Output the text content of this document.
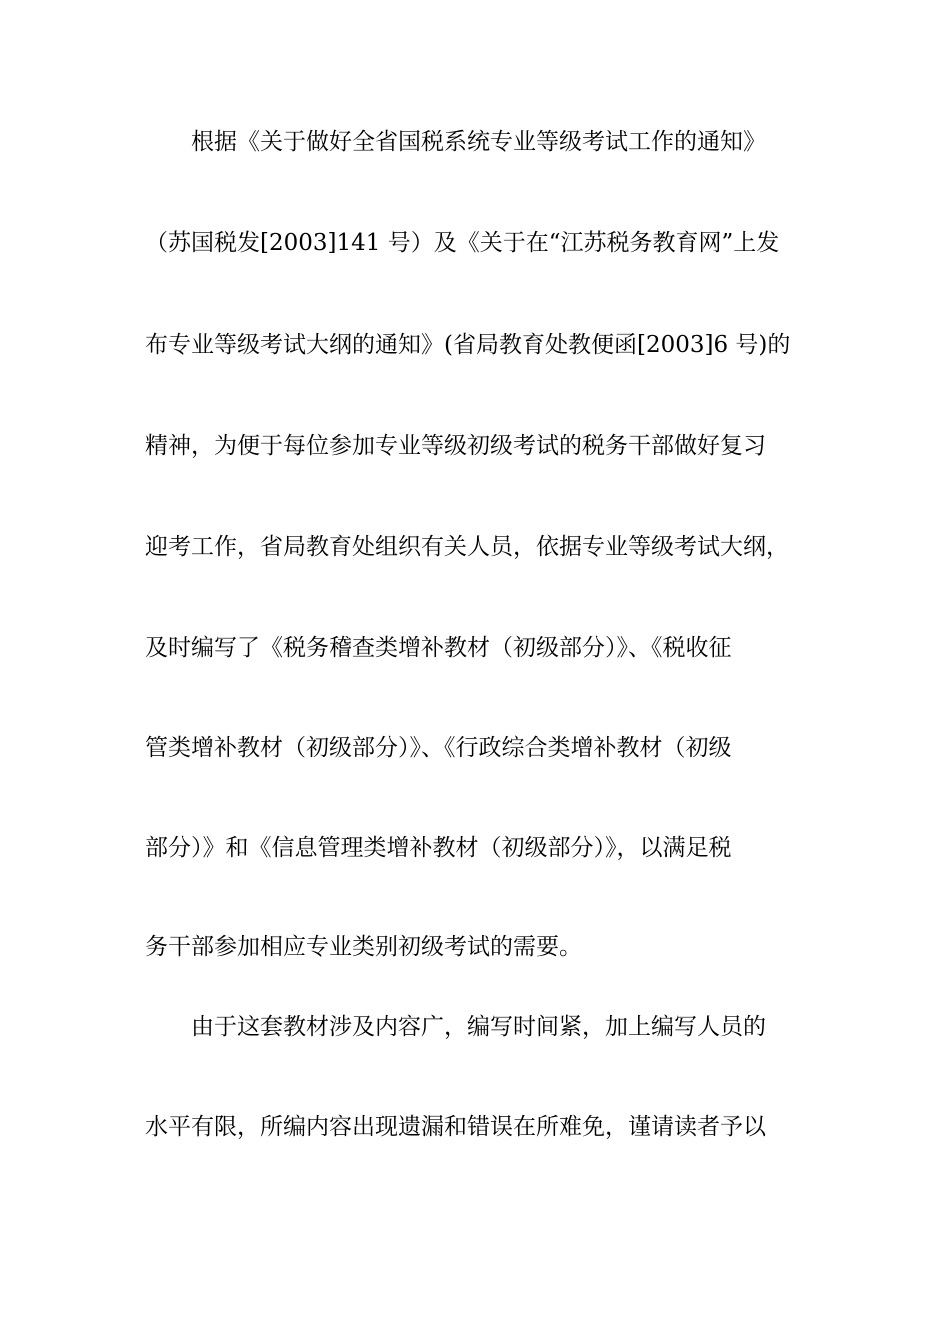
根据《关于做好全省国税系统专业等级考试工作的通知》
（苏国税发[2003]141 号）及《关于在“江苏税务教育网”上发
布专业等级考试大纲的通知》(省局教育处教便函[2003]6 号)的
精神，为便于每位参加专业等级初级考试的税务干部做好复习
迎考工作，省局教育处组织有关人员，依据专业等级考试大纲，
及时编写了《税务稽查类增补教材（初级部分）》、《税收征
管类增补教材（初级部分）》、《行政综合类增补教材（初级
部分）》和《信息管理类增补教材（初级部分）》，以满足税
务干部参加相应专业类别初级考试的需要。
由于这套教材涉及内容广，编写时间紧，加上编写人员的
水平有限，所编内容出现遗漏和错误在所难免，谨请读者予以
